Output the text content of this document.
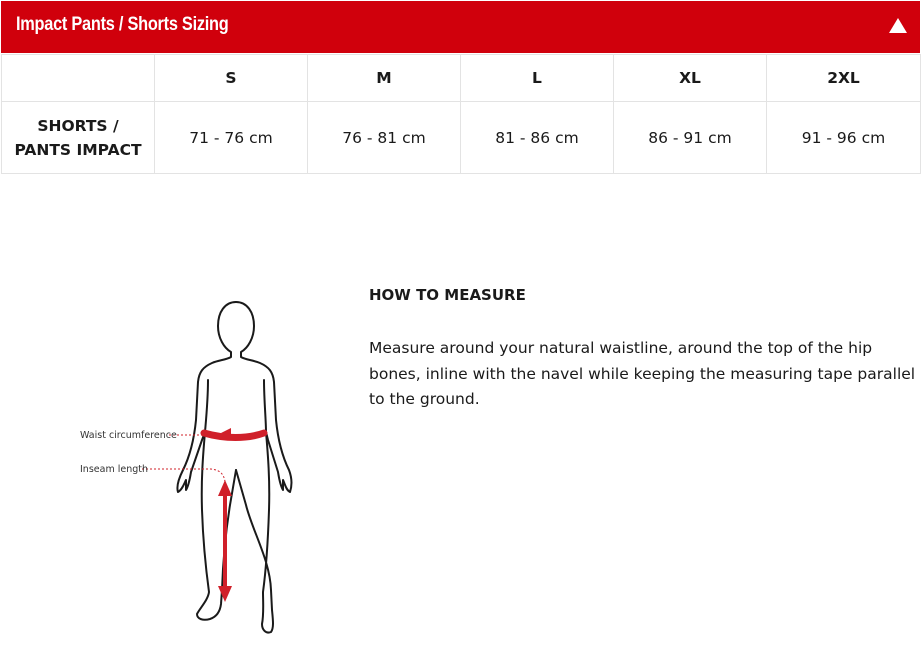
Impact Pants / Shorts Sizing
	S	M	L	XL	2XL
SHORTS /
PANTS IMPACT	71 - 76 cm	76 - 81 cm	81 - 86 cm	86 - 91 cm	91 - 96 cm
Waist circumference
Inseam length
HOW TO MEASURE

Measure around your natural waistline, around the top of the hip bones, inline with the navel while keeping the measuring tape parallel to the ground.
